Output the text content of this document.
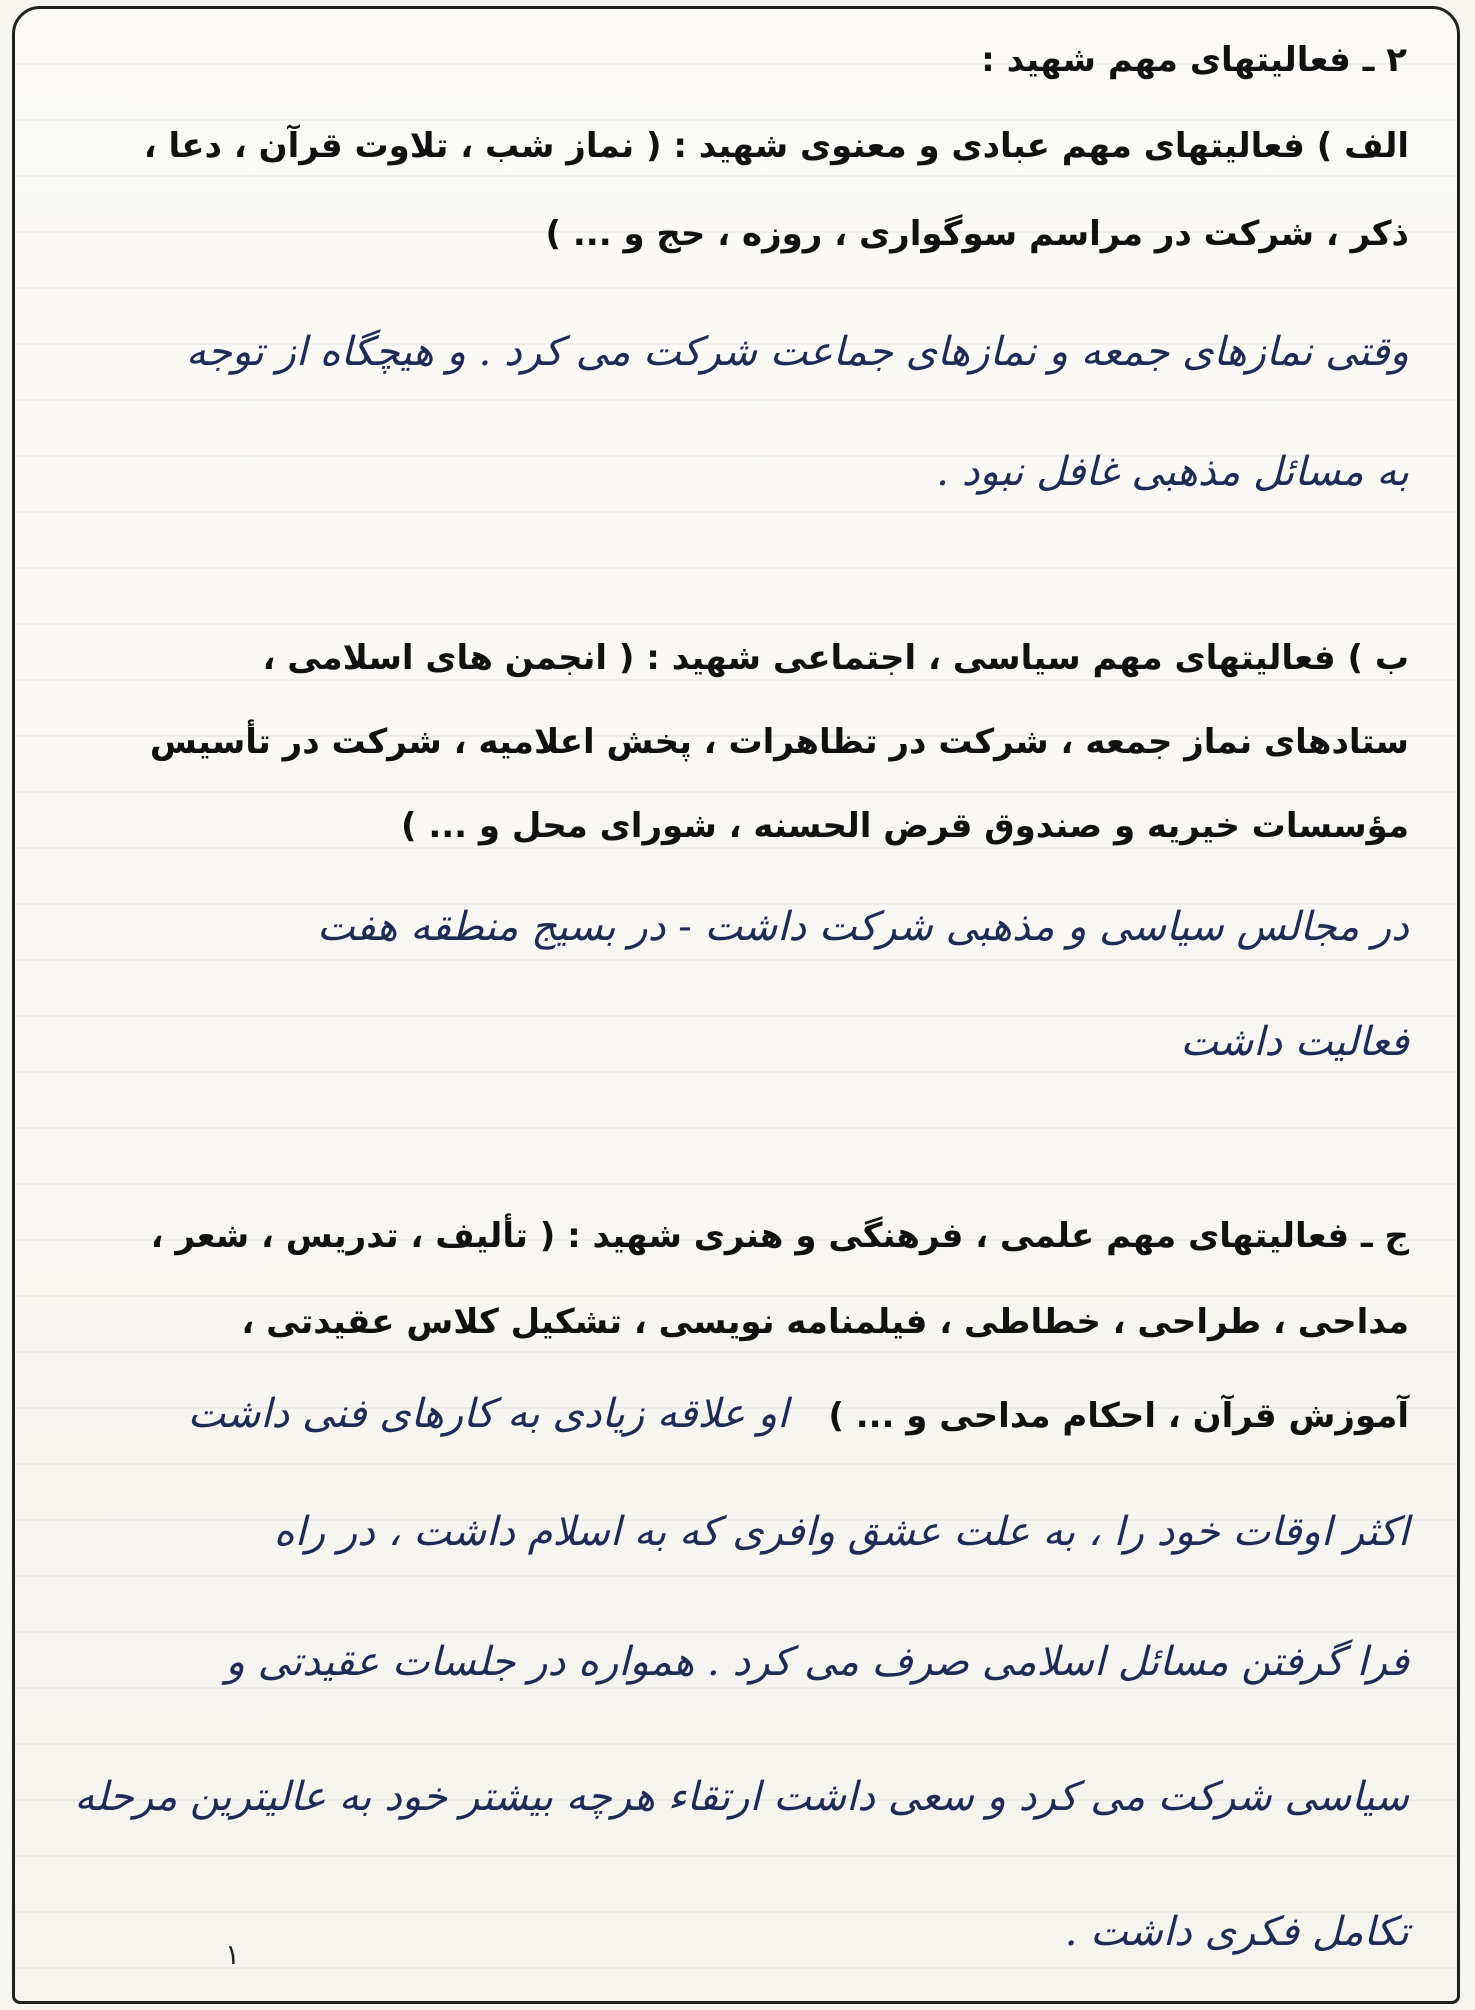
۲ ـ فعالیتهای مهم شهید :

الف ) فعالیتهای مهم عبادی و معنوی شهید : ( نماز شب ، تلاوت قرآن ، دعا ،

ذکر ، شرکت در مراسم سوگواری ، روزه ، حج و ... )

وقتی نمازهای جمعه و نمازهای جماعت شرکت می کرد . و هیچگاه از توجه

به مسائل مذهبی غافل نبود .

ب ) فعالیتهای مهم سیاسی ، اجتماعی شهید : ( انجمن های اسلامی ،

ستادهای نماز جمعه ، شرکت در تظاهرات ، پخش اعلامیه ، شرکت در تأسیس

مؤسسات خیریه و صندوق قرض الحسنه ، شورای محل و ... )

در مجالس سیاسی و مذهبی شرکت داشت - در بسیج منطقه هفت

فعالیت داشت

ج ـ فعالیتهای مهم علمی ، فرهنگی و هنری شهید : ( تألیف ، تدریس ، شعر ،

مداحی ، طراحی ، خطاطی ، فیلمنامه نویسی ، تشکیل کلاس عقیدتی ،

آموزش قرآن ، احکام مداحی و ... )

او علاقه زیادی به کارهای فنی داشت

اکثر اوقات خود را ، به علت عشق وافری که به اسلام داشت ، در راه

فرا گرفتن مسائل اسلامی صرف می کرد . همواره در جلسات عقیدتی و

سیاسی شرکت می کرد و سعی داشت ارتقاء هرچه بیشتر خود به عالیترین مرحله

تکامل فکری داشت .

۱
